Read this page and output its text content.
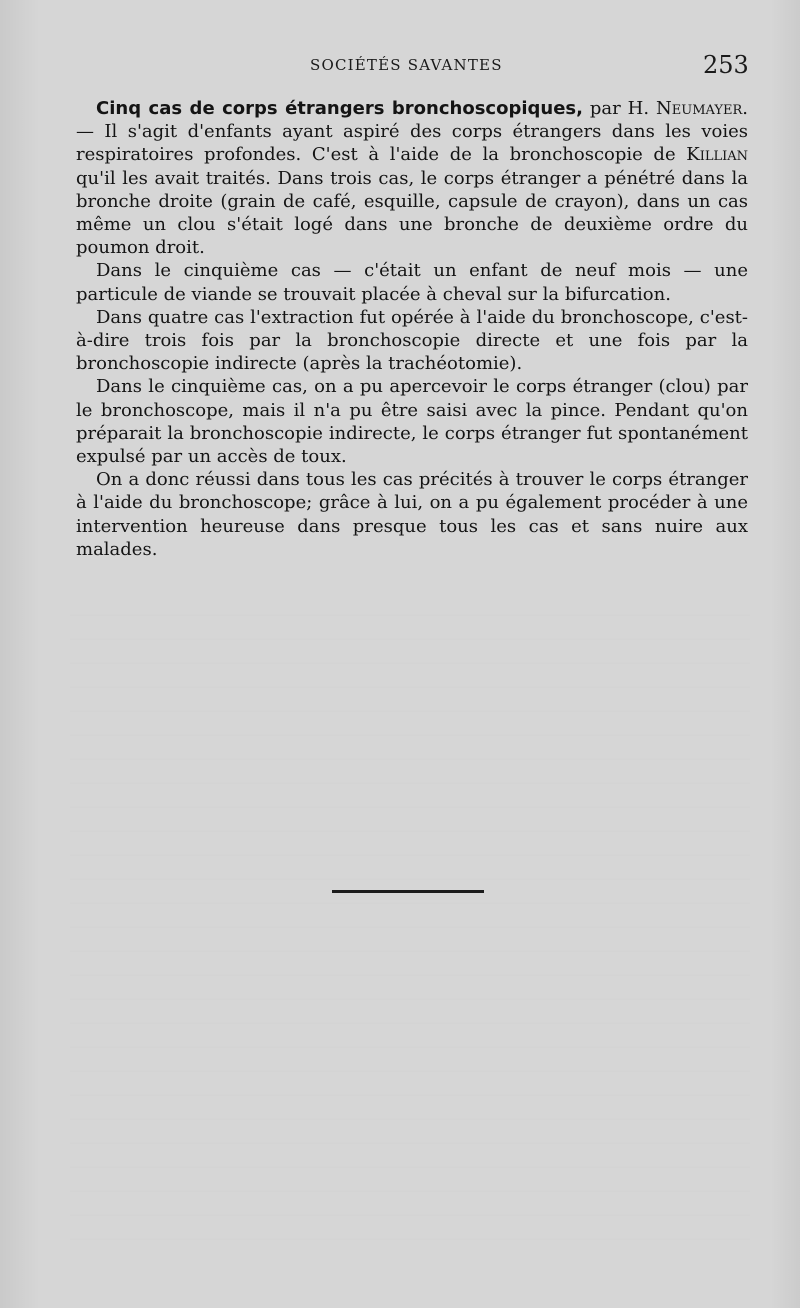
SOCIÉTÉS SAVANTES	253

Cinq cas de corps étrangers bronchoscopiques, par H. Neumayer. — Il s'agit d'enfants ayant aspiré des corps étrangers dans les voies respiratoires profondes. C'est à l'aide de la bronchoscopie de Killian qu'il les avait traités. Dans trois cas, le corps étranger a pénétré dans la bronche droite (grain de café, esquille, capsule de crayon), dans un cas même un clou s'était logé dans une bronche de deuxième ordre du poumon droit.

Dans le cinquième cas — c'était un enfant de neuf mois — une particule de viande se trouvait placée à cheval sur la bifurcation.

Dans quatre cas l'extraction fut opérée à l'aide du bronchoscope, c'est-à-dire trois fois par la bronchoscopie directe et une fois par la bronchoscopie indirecte (après la trachéotomie).

Dans le cinquième cas, on a pu apercevoir le corps étranger (clou) par le bronchoscope, mais il n'a pu être saisi avec la pince. Pendant qu'on préparait la bronchoscopie indirecte, le corps étranger fut spontanément expulsé par un accès de toux.

On a donc réussi dans tous les cas précités à trouver le corps étranger à l'aide du bronchoscope; grâce à lui, on a pu également procéder à une intervention heureuse dans presque tous les cas et sans nuire aux malades.
